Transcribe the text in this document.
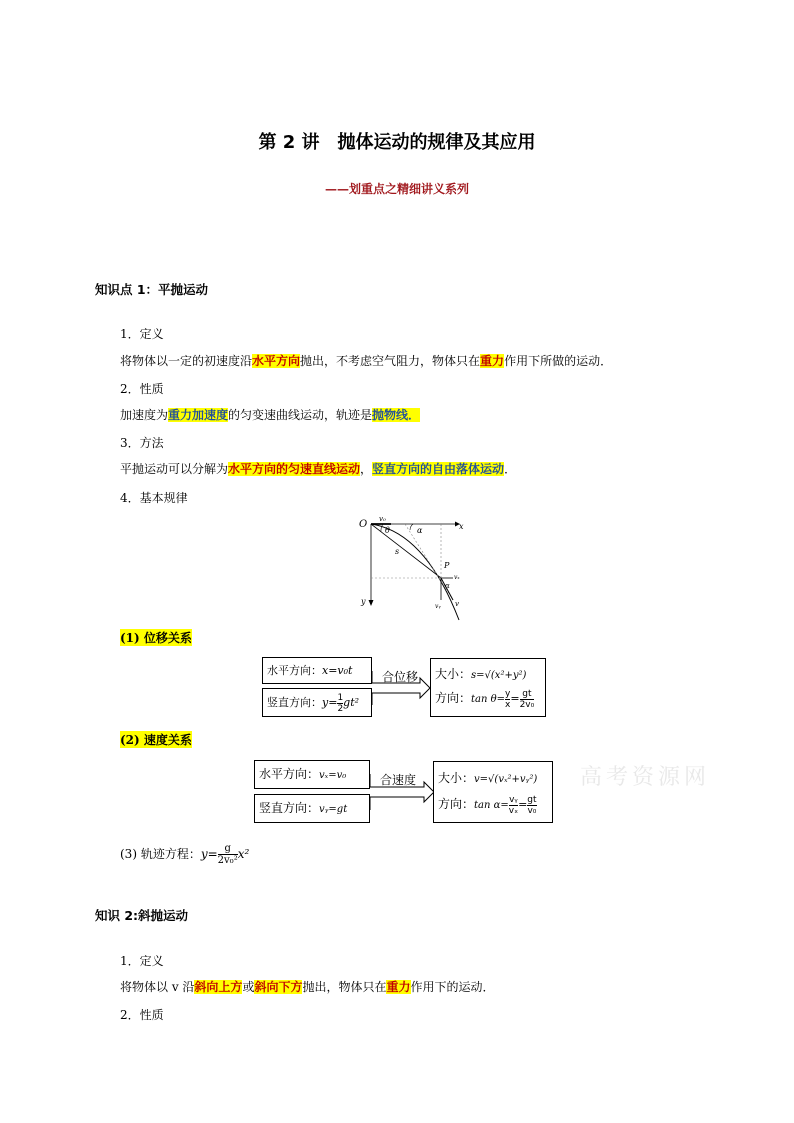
第 2 讲　抛体运动的规律及其应用
——划重点之精细讲义系列
知识点 1：平抛运动
1．定义
将物体以一定的初速度沿水平方向抛出，不考虑空气阻力，物体只在重力作用下所做的运动．
2．性质
加速度为重力加速度的匀变速曲线运动，轨迹是抛物线．
3．方法
平抛运动可以分解为水平方向的匀速直线运动，竖直方向的自由落体运动．
4．基本规律
O v₀
θ	α	x
s
P
vₓ
α
vᵧ v
y
(1) 位移关系
水平方向：x=v₀t
竖直方向：$y= \frac{1}{2} gt^2$
合位移 大小：s=√(x²+y²)
方向：$\tan \theta= \frac{y}{x} = \frac{gt}{\text{2v₀}}$
(2) 速度关系
水平方向：vₓ=v₀
竖直方向：vᵧ=gt
合速度 大小：v=√(vₓ²+vᵧ²)
方向：$\tan \alpha= \frac{\text{vᵧ}}{\text{vₓ}} = \frac{gt}{\text{v₀}}$
高考资源网
(3) 轨迹方程：$y= \frac{g}{\text{2v₀²}} x^2$
知识 2:斜抛运动
1．定义
将物体以 v 沿斜向上方或斜向下方抛出，物体只在重力作用下的运动．
2．性质
